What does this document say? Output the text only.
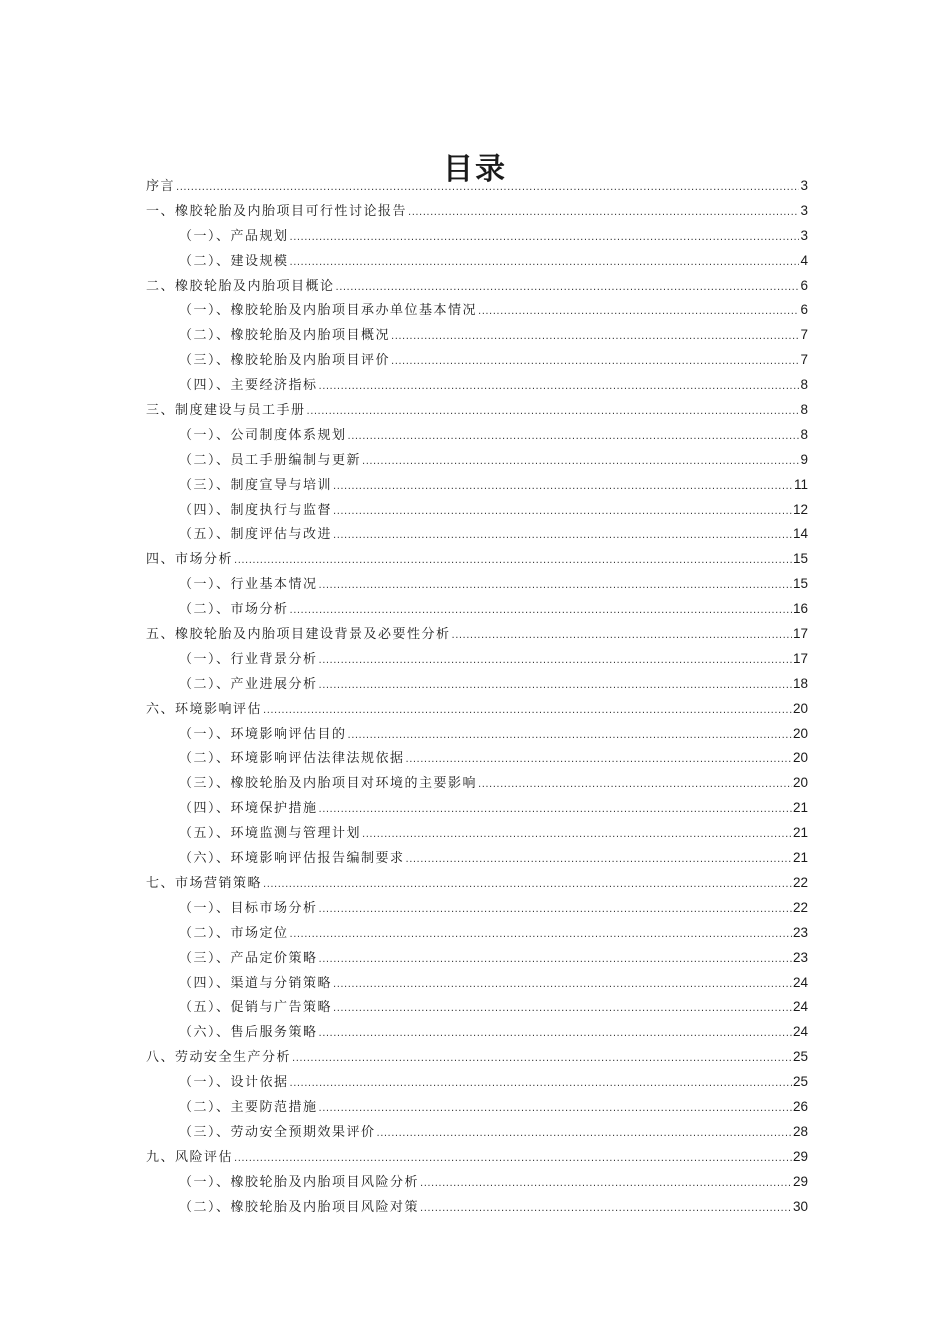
目录
序言 .....	3
一、橡胶轮胎及内胎项目可行性讨论报告 .....	3
（一）、产品规划 .....	3
（二）、建设规模 .....	4
二、橡胶轮胎及内胎项目概论 .....	6
（一）、橡胶轮胎及内胎项目承办单位基本情况 .....	6
（二）、橡胶轮胎及内胎项目概况 .....	7
（三）、橡胶轮胎及内胎项目评价 .....	7
（四）、主要经济指标 .....	8
三、制度建设与员工手册 .....	8
（一）、公司制度体系规划 .....	8
（二）、员工手册编制与更新 .....	9
（三）、制度宣导与培训 .....	11
（四）、制度执行与监督 .....	12
（五）、制度评估与改进 .....	14
四、市场分析 .....	15
（一）、行业基本情况 .....	15
（二）、市场分析 .....	16
五、橡胶轮胎及内胎项目建设背景及必要性分析 .....	17
（一）、行业背景分析 .....	17
（二）、产业进展分析 .....	18
六、环境影响评估 .....	20
（一）、环境影响评估目的 .....	20
（二）、环境影响评估法律法规依据 .....	20
（三）、橡胶轮胎及内胎项目对环境的主要影响 .....	20
（四）、环境保护措施 .....	21
（五）、环境监测与管理计划 .....	21
（六）、环境影响评估报告编制要求 .....	21
七、市场营销策略 .....	22
（一）、目标市场分析 .....	22
（二）、市场定位 .....	23
（三）、产品定价策略 .....	23
（四）、渠道与分销策略 .....	24
（五）、促销与广告策略 .....	24
（六）、售后服务策略 .....	24
八、劳动安全生产分析 .....	25
（一）、设计依据 .....	25
（二）、主要防范措施 .....	26
（三）、劳动安全预期效果评价 .....	28
九、风险评估 .....	29
（一）、橡胶轮胎及内胎项目风险分析 .....	29
（二）、橡胶轮胎及内胎项目风险对策 .....	30
